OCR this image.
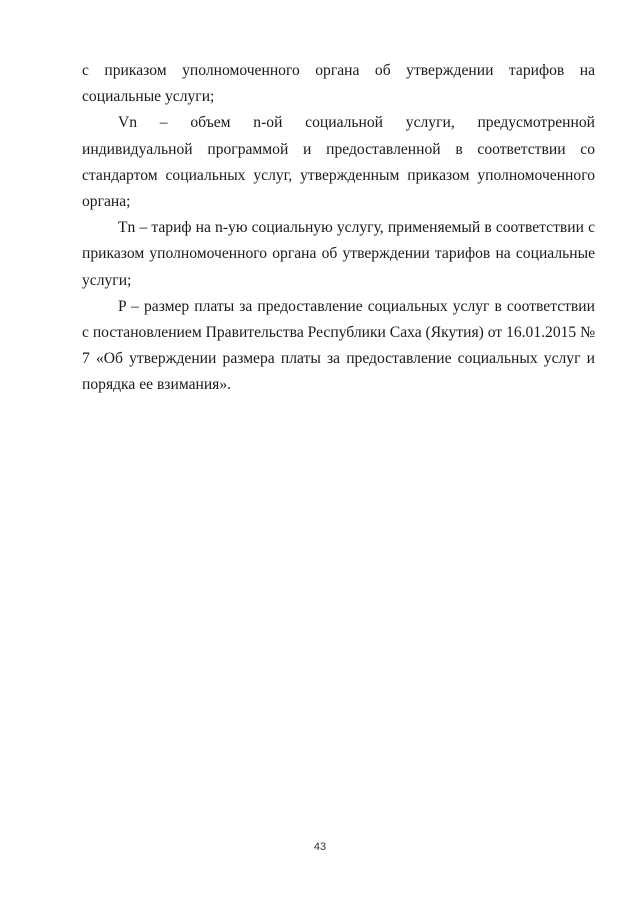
с приказом уполномоченного органа об утверждении тарифов на социальные услуги;

Vn – объем n-ой социальной услуги, предусмотренной индивидуальной программой и предоставленной в соответствии со стандартом социальных услуг, утвержденным приказом уполномоченного органа;

Tn – тариф на n-ую социальную услугу, применяемый в соответствии с приказом уполномоченного органа об утверждении тарифов на социальные услуги;

P – размер платы за предоставление социальных услуг в соответствии с постановлением Правительства Республики Саха (Якутия) от 16.01.2015 № 7 «Об утверждении размера платы за предоставление социальных услуг и порядка ее взимания».

43
